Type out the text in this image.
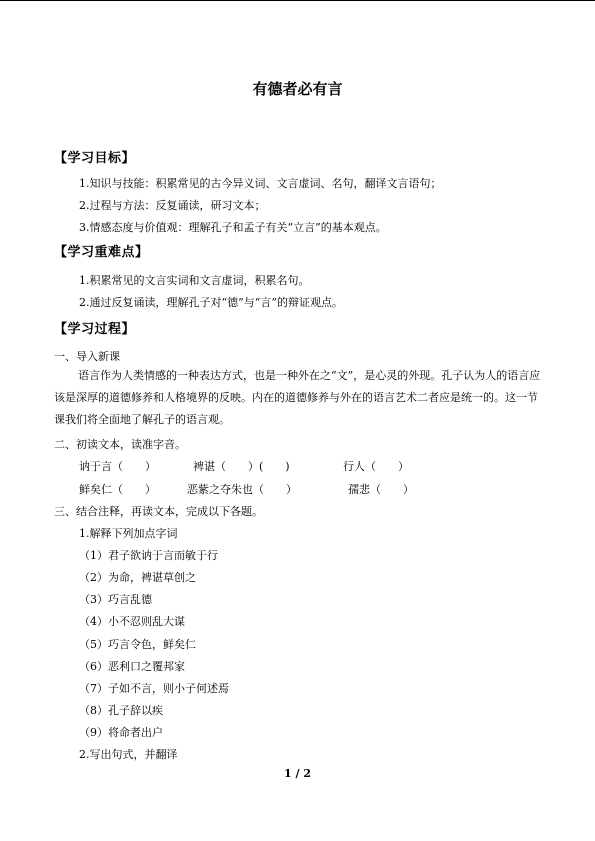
有德者必有言
【学习目标】
1.知识与技能：积累常见的古今异义词、文言虚词、名句，翻译文言语句；
2.过程与方法：反复诵读，研习文本；
3.情感态度与价值观：理解孔子和孟子有关“立言”的基本观点。
【学习重难点】
1.积累常见的文言实词和文言虚词，积累名句。
2.通过反复诵读，理解孔子对“德”与“言”的辩证观点。
【学习过程】
一、导入新课
语言作为人类情感的一种表达方式，也是一种外在之“文”，是心灵的外现。孔子认为人的语言应该是深厚的道德修养和人格境界的反映。内在的道德修养与外在的语言艺术二者应是统一的。这一节课我们将全面地了解孔子的语言观。
二、初读文本，读准字音。
讷于言（　　）	裨谌（　　）(　　)	行人（　　）
鲜矣仁（　　）	恶紫之夺朱也（　　）	孺悲（　　）
三、结合注释，再读文本，完成以下各题。
1.解释下列加点字词
（1）君子欲讷于言而敏于行
（2）为命，裨谌草创之
（3）巧言乱德
（4）小不忍则乱大谋
（5）巧言令色，鲜矣仁
（6）恶利口之覆邦家
（7）子如不言，则小子何述焉
（8）孔子辞以疾
（9）将命者出户
2.写出句式，并翻译
1 / 2
